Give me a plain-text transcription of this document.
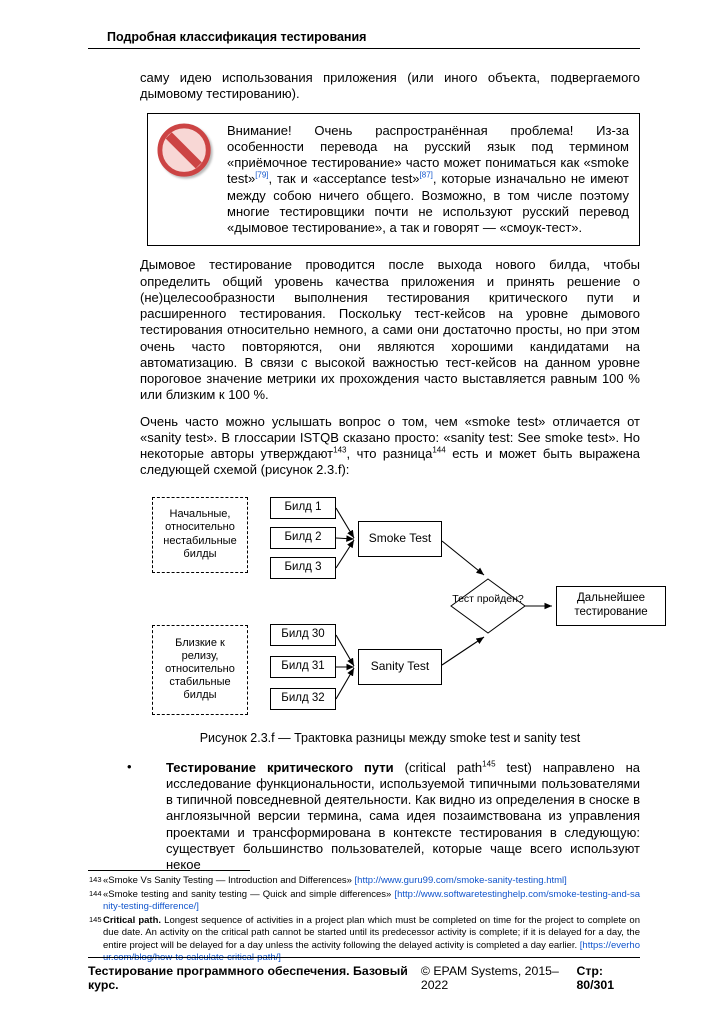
Подробная классификация тестирования

саму идею использования приложения (или иного объекта, подвергаемого дымовому тестированию).

Внимание! Очень распространённая проблема! Из-за особенности перевода на русский язык под термином «приёмочное тестирование» часто может пониматься как «smoke test»[79], так и «acceptance test»[87], которые изначально не имеют между собою ничего общего. Возможно, в том числе поэтому многие тестировщики почти не используют русский перевод «дымовое тестирование», а так и говорят — «смоук-тест».

Дымовое тестирование проводится после выхода нового билда, чтобы определить общий уровень качества приложения и принять решение о (не)целесообразности выполнения тестирования критического пути и расширенного тестирования. Поскольку тест-кейсов на уровне дымового тестирования относительно немного, а сами они достаточно просты, но при этом очень часто повторяются, они являются хорошими кандидатами на автоматизацию. В связи с высокой важностью тест-кейсов на данном уровне пороговое значение метрики их прохождения часто выставляется равным 100 % или близким к 100 %.

Очень часто можно услышать вопрос о том, чем «smoke test» отличается от «sanity test». В глоссарии ISTQB сказано просто: «sanity test: See smoke test». Но некоторые авторы утверждают$^{143}$, что разница$^{144}$ есть и может быть выражена следующей схемой (рисунок 2.3.f):

Начальные, относительно нестабильные билды
Близкие к релизу, относительно стабильные билды
Билд 1
Билд 2
Билд 3
Билд 30
Билд 31
Билд 32
Smoke Test
Sanity Test
Тест пройден?	Дальнейшее тестирование
Рисунок 2.3.f — Трактовка разницы между smoke test и sanity test
•	Тестирование критического пути (critical path$^{145}$ test) направлено на исследование функциональности, используемой типичными пользователями в типичной повседневной деятельности. Как видно из определения в сноске в англоязычной версии термина, сама идея позаимствована из управления проектами и трансформирована в контексте тестирования в следующую: существует большинство пользователей, которые чаще всего используют некое
143 «Smoke Vs Sanity Testing — Introduction and Differences» [http://www.guru99.com/smoke-sanity-testing.html]
144 «Smoke testing and sanity testing — Quick and simple differences» [http://www.softwaretestinghelp.com/smoke-testing-and-sanity-testing-difference/]
145 Critical path. Longest sequence of activities in a project plan which must be completed on time for the project to complete on due date. An activity on the critical path cannot be started until its predecessor activity is complete; if it is delayed for a day, the entire project will be delayed for a day unless the activity following the delayed activity is completed a day earlier. [https://everhour.com/blog/how-to-calculate-critical-path/]
Тестирование программного обеспечения. Базовый курс.
© EPAM Systems, 2015–2022
Стр: 80/301
